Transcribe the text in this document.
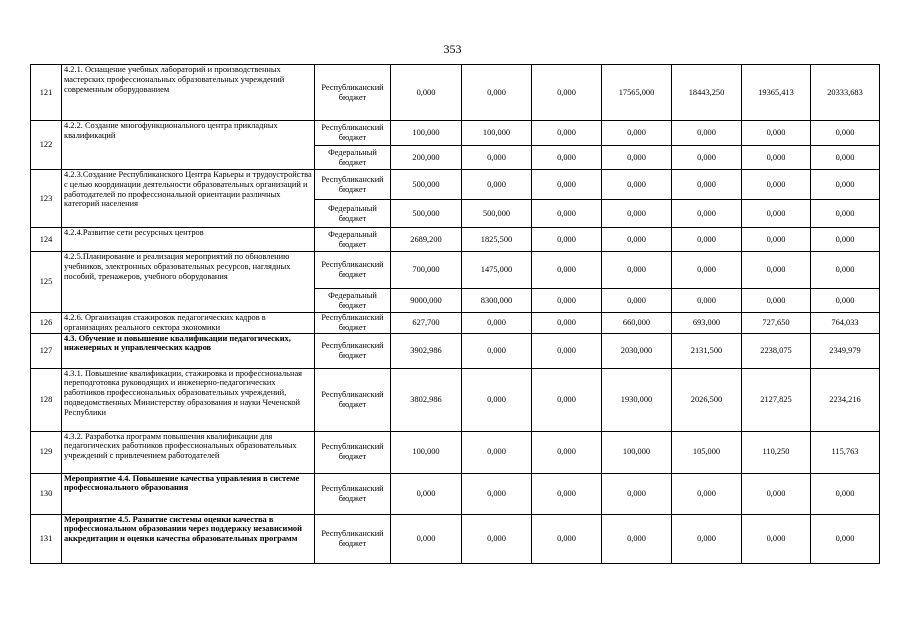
353
121	4.2.1. Оснащение учебных лабораторий и производственных мастерских профессиональных образовательных учреждений современным оборудованием	Республиканский бюджет	0,000	0,000	0,000	17565,000	18443,250	19365,413	20333,683
122	4.2.2. Создание многофункционального центра прикладных квалификаций	Республиканский бюджет	100,000	100,000	0,000	0,000	0,000	0,000	0,000
		Федеральный бюджет	200,000	0,000	0,000	0,000	0,000	0,000	0,000
123	4.2.3.Создание Республиканского Центра Карьеры и трудоустройства с целью координации деятельности образовательных организаций и работодателей по профессиональной ориентации различных категорий населения	Республиканский бюджет	500,000	0,000	0,000	0,000	0,000	0,000	0,000
		Федеральный бюджет	500,000	500,000	0,000	0,000	0,000	0,000	0,000
124	4.2.4.Развитие сети ресурсных центров	Федеральный бюджет	2689,200	1825,500	0,000	0,000	0,000	0,000	0,000
125	4.2.5.Планирование и реализация мероприятий по обновлению учебников, электронных образовательных ресурсов, наглядных пособий, тренажеров, учебного оборудования	Республиканский бюджет	700,000	1475,000	0,000	0,000	0,000	0,000	0,000
		Федеральный бюджет	9000,000	8300,000	0,000	0,000	0,000	0,000	0,000
126	4.2.6. Организация стажировок педагогических кадров в организациях реального сектора экономики	Республиканский бюджет	627,700	0,000	0,000	660,000	693,000	727,650	764,033
127	4.3. Обучение и повышение квалификации педагогических, инженерных и управленческих кадров	Республиканский бюджет	3902,986	0,000	0,000	2030,000	2131,500	2238,075	2349,979
128	4.3.1. Повышение квалификации, стажировка и профессиональная переподготовка руководящих и инженерно-педагогических работников профессиональных образовательных учреждений, подведомственных Министерству образования и науки Чеченской Республики	Республиканский бюджет	3802,986	0,000	0,000	1930,000	2026,500	2127,825	2234,216
129	4.3.2. Разработка программ повышения квалификации для педагогических работников профессиональных образовательных учреждений с привлечением работодателей	Республиканский бюджет	100,000	0,000	0,000	100,000	105,000	110,250	115,763
130	Мероприятие 4.4. Повышение качества управления в системе профессионального образования	Республиканский бюджет	0,000	0,000	0,000	0,000	0,000	0,000	0,000
131	Мероприятие 4.5. Развитие системы оценки качества в профессиональном образовании через поддержку независимой аккредитации и оценки качества образовательных программ	Республиканский бюджет	0,000	0,000	0,000	0,000	0,000	0,000	0,000
